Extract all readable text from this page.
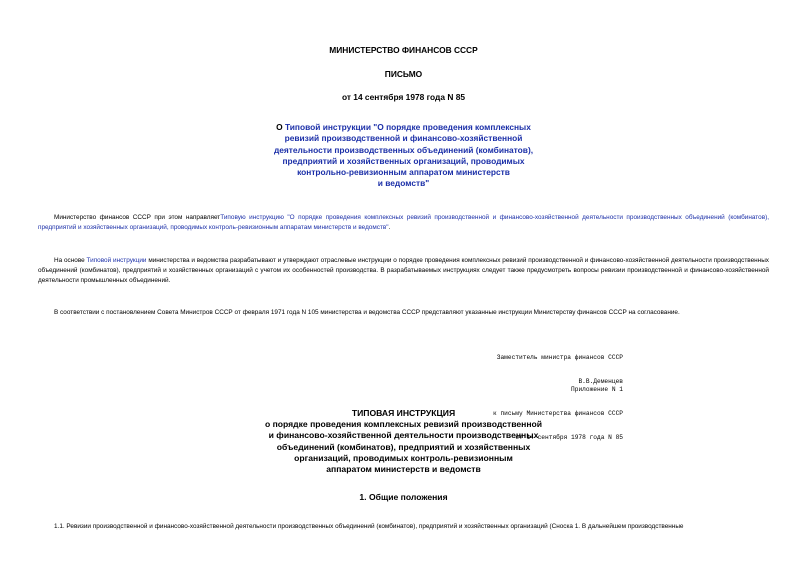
МИНИСТЕРСТВО ФИНАНСОВ СССР
ПИСЬМО
от 14 сентября 1978 года N 85
О Типовой инструкции "О порядке проведения комплексных
ревизий производственной и финансово-хозяйственной
деятельности производственных объединений (комбинатов),
предприятий и хозяйственных организаций, проводимых
контрольно-ревизионным аппаратом министерств
и ведомств"
Министерство финансов СССР при этом направляетТиповую инструкцию "О порядке проведения комплексных ревизий производственной и финансово-хозяйственной деятельности производственных объединений (комбинатов), предприятий и хозяйственных организаций, проводимых контроль-ревизионным аппаратам министерств и ведомств".
На основе Типовой инструкции министерства и ведомства разрабатывают и утверждают отраслевые инструкции о порядке проведения комплексных ревизий производственной и финансово-хозяйственной деятельности производственных объединений (комбинатов), предприятий и хозяйственных организаций с учетом их особенностей производства. В разрабатываемых инструкциях следует также предусмотреть вопросы ревизии производственной и финансово-хозяйственной деятельности промышленных объединений.
В соответствии с постановлением Совета Министров СССР от февраля 1971 года N 105 министерства и ведомства СССР представляют указанные инструкции Министерству финансов СССР на согласование.

Заместитель министра финансов СССР

В.В.Деменцев

Приложение N 1

к письму Министерства финансов СССР

от 14 сентября 1978 года N 85

ТИПОВАЯ ИНСТРУКЦИЯ
о порядке проведения комплексных ревизий производственной
и финансово-хозяйственной деятельности производственных
объединений (комбинатов), предприятий и хозяйственных
организаций, проводимых контроль-ревизионным
аппаратом министерств и ведомств
1. Общие положения
1.1. Ревизии производственной и финансово-хозяйственной деятельности производственных объединений (комбинатов), предприятий и хозяйственных организаций (Сноска 1. В дальнейшем производственные
